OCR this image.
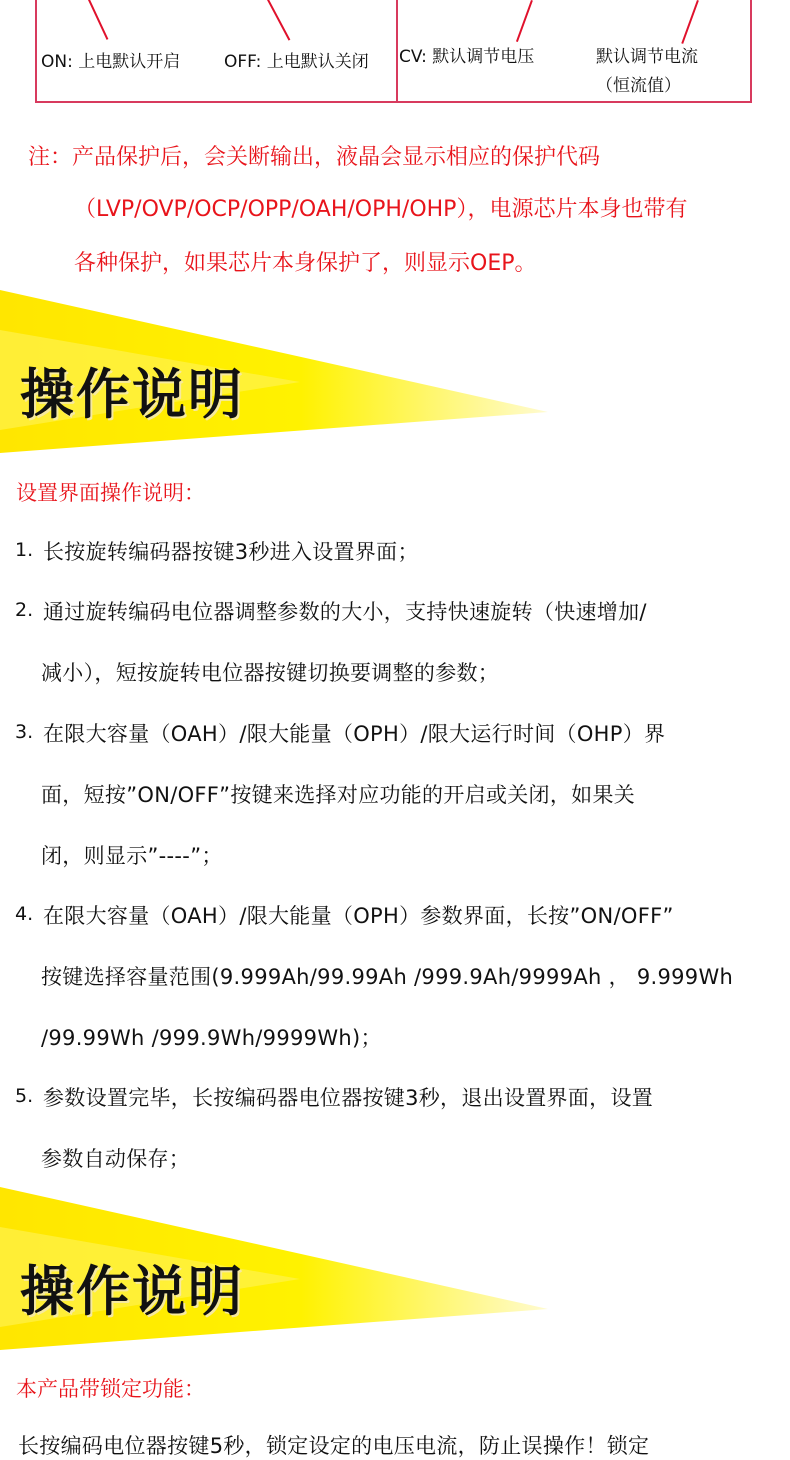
ON: 上电默认开启	OFF: 上电默认关闭 CV: 默认调节电压	默认调节电流
（恒流值）
注：产品保护后，会关断输出，液晶会显示相应的保护代码
（LVP/OVP/OCP/OPP/OAH/OPH/OHP），电源芯片本身也带有
各种保护，如果芯片本身保护了，则显示OEP。
操作说明
设置界面操作说明：
1. 长按旋转编码器按键3秒进入设置界面；
2. 通过旋转编码电位器调整参数的大小，支持快速旋转（快速增加/
减小），短按旋转电位器按键切换要调整的参数；
3. 在限大容量（OAH）/限大能量（OPH）/限大运行时间（OHP）界
面，短按”ON/OFF”按键来选择对应功能的开启或关闭，如果关
闭，则显示”----”；
4. 在限大容量（OAH）/限大能量（OPH）参数界面，长按”ON/OFF”
按键选择容量范围(9.999Ah/99.99Ah /999.9Ah/9999Ah ， 9.999Wh
/99.99Wh /999.9Wh/9999Wh)；
5. 参数设置完毕，长按编码器电位器按键3秒，退出设置界面，设置
参数自动保存；
操作说明
本产品带锁定功能：
长按编码电位器按键5秒，锁定设定的电压电流，防止误操作！锁定
